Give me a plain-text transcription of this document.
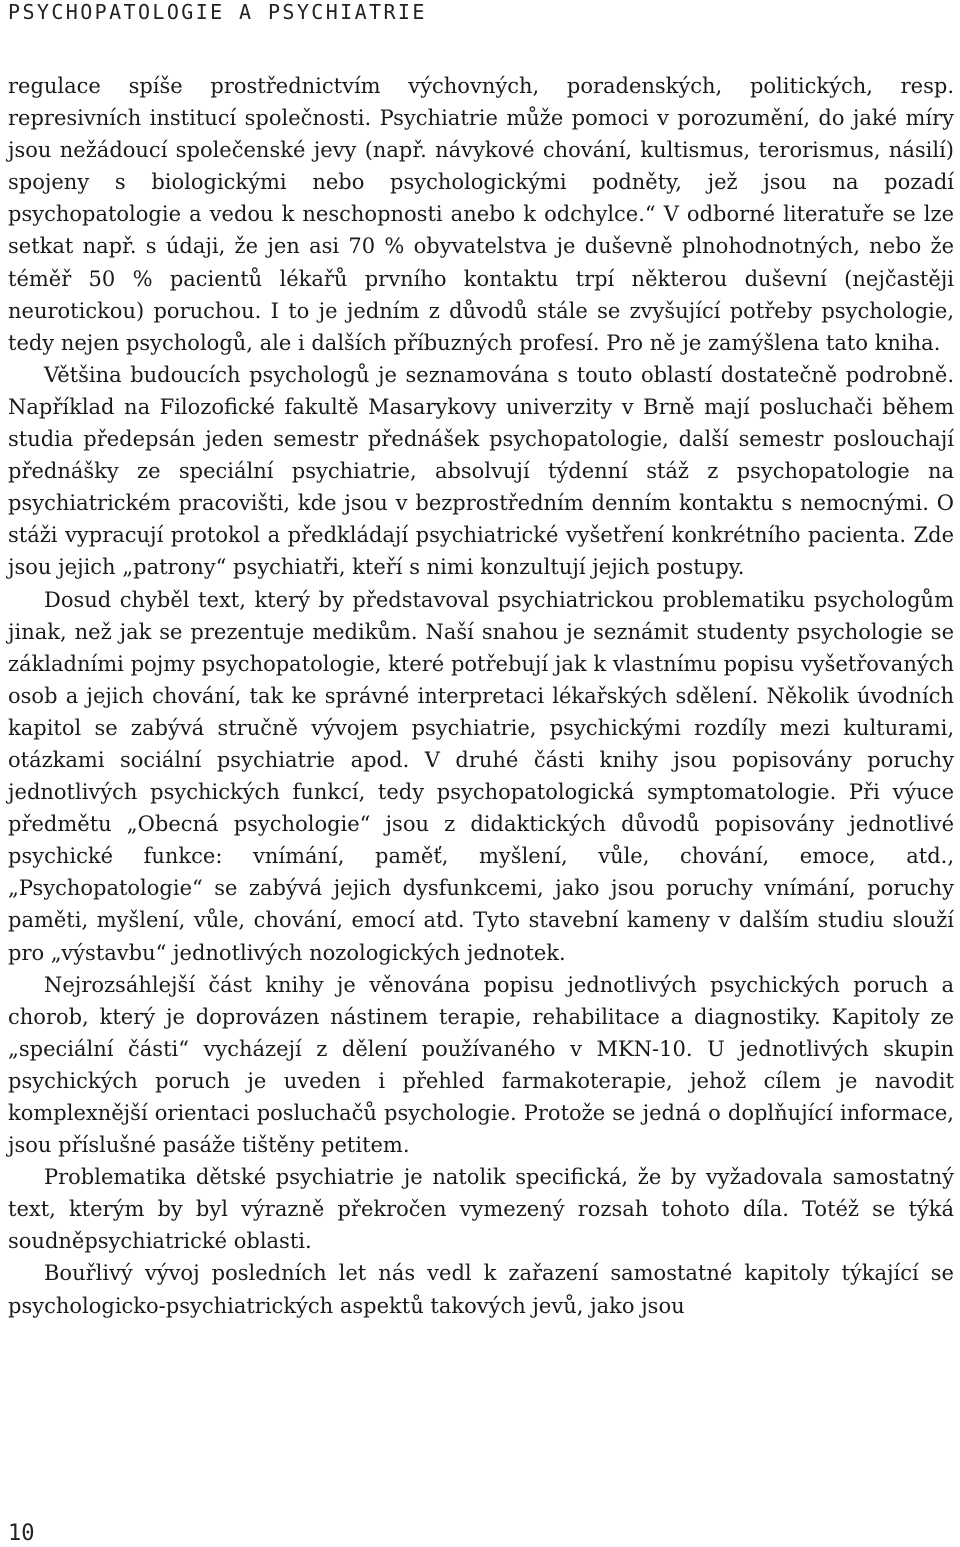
PSYCHOPATOLOGIE A PSYCHIATRIE

regulace spíše prostřednictvím výchovných, poradenských, politických, resp. represivních institucí společnosti. Psychiatrie může pomoci v porozumění, do jaké míry jsou nežádoucí společenské jevy (např. návykové chování, kultismus, terorismus, násilí) spojeny s biologickými nebo psychologickými podněty, jež jsou na pozadí psychopatologie a vedou k neschopnosti anebo k odchylce.“ V odborné literatuře se lze setkat např. s údaji, že jen asi 70 % obyvatelstva je duševně plnohodnotných, nebo že téměř 50 % pacientů lékařů prvního kontaktu trpí některou duševní (nejčastěji neurotickou) poruchou. I to je jedním z důvodů stále se zvyšující potřeby psychologie, tedy nejen psychologů, ale i dalších příbuzných profesí. Pro ně je zamýšlena tato kniha.

Většina budoucích psychologů je seznamována s touto oblastí dostatečně podrobně. Například na Filozofické fakultě Masarykovy univerzity v Brně mají posluchači během studia předepsán jeden semestr přednášek psychopatologie, další semestr poslouchají přednášky ze speciální psychiatrie, absolvují týdenní stáž z psychopatologie na psychiatrickém pracovišti, kde jsou v bezprostředním denním kontaktu s nemocnými. O stáži vypracují protokol a předkládají psychiatrické vyšetření konkrétního pacienta. Zde jsou jejich „patrony“ psychiatři, kteří s nimi konzultují jejich postupy.

Dosud chyběl text, který by představoval psychiatrickou problematiku psychologům jinak, než jak se prezentuje medikům. Naší snahou je seznámit studenty psychologie se základními pojmy psychopatologie, které potřebují jak k vlastnímu popisu vyšetřovaných osob a jejich chování, tak ke správné interpretaci lékařských sdělení. Několik úvodních kapitol se zabývá stručně vývojem psychiatrie, psychickými rozdíly mezi kulturami, otázkami sociální psychiatrie apod. V druhé části knihy jsou popisovány poruchy jednotlivých psychických funkcí, tedy psychopatologická symptomatologie. Při výuce předmětu „Obecná psychologie“ jsou z didaktických důvodů popisovány jednotlivé psychické funkce: vnímání, paměť, myšlení, vůle, chování, emoce, atd., „Psychopatologie“ se zabývá jejich dysfunkcemi, jako jsou poruchy vnímání, poruchy paměti, myšlení, vůle, chování, emocí atd. Tyto stavební kameny v dalším studiu slouží pro „výstavbu“ jednotlivých nozologických jednotek.

Nejrozsáhlejší část knihy je věnována popisu jednotlivých psychických poruch a chorob, který je doprovázen nástinem terapie, rehabilitace a diagnostiky. Kapitoly ze „speciální části“ vycházejí z dělení používaného v MKN-10. U jednotlivých skupin psychických poruch je uveden i přehled farmakoterapie, jehož cílem je navodit komplexnější orientaci posluchačů psychologie. Protože se jedná o doplňující informace, jsou příslušné pasáže tištěny petitem.

Problematika dětské psychiatrie je natolik specifická, že by vyžadovala samostatný text, kterým by byl výrazně překročen vymezený rozsah tohoto díla. Totéž se týká soudněpsychiatrické oblasti.

Bouřlivý vývoj posledních let nás vedl k zařazení samostatné kapitoly týkající se psychologicko-psychiatrických aspektů takových jevů, jako jsou

10
